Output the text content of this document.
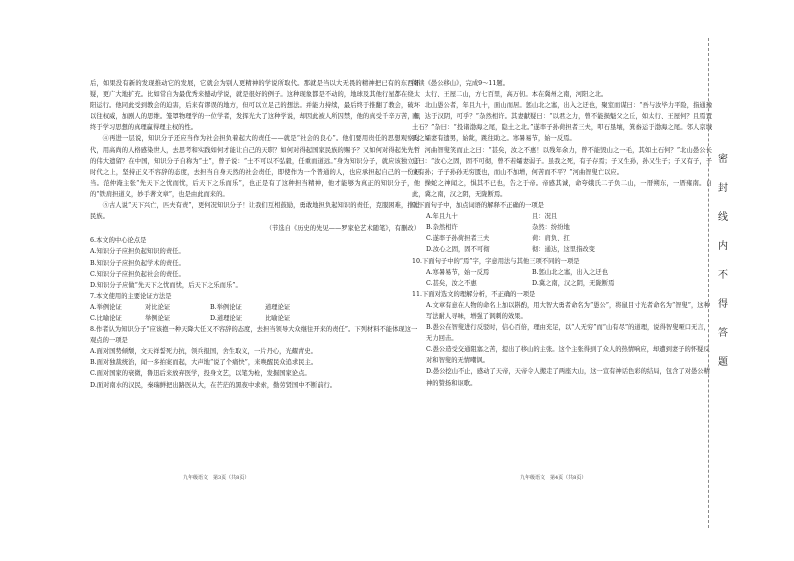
后，如果没有新的发现推动它的发展，它就会为别人更精神的学说所取代。那就是当以大无畏的精神把已有的东西怀疑，更广大地扩充。比如常自为最优秀来撼动学说，就是很好的例子。这种现象都是不动的，地球及其他行星都在绕太阳运行。他同此受到教会的迫害，后来有谬误的地方，但可以立足己的想法。并能力持续，最后终于推翻了教会，破坏以往权威，加剧人的思维。笼罩物理学的一位学者，发挥光大了这种学说，却因此被人所囚禁，他的真受千辛万苦，但终于学习思想的真理赢得理主权的性。

④再进一层说，知识分子还应当作为社会担负着起大的责任——就是“社会的良心”。他们要用贵任的思想观察时代，用高尚的人格感染世人，去思考和实践如何才能让自己的天职？如何对得起国家民族的赐予？又如何对得起先先哲的伟大遗留？在中国，知识分子自称为“士”，曾子说：“士不可以不弘毅，任重而道远。”身为知识分子，就应该独立于时代之上，坚持正义不容辞的态度，去担当自身天然的社会责任，即使作为一个普通的人，也应承担起自己的一份担当。范仲淹主张“先天下之忧而忧，后天下之乐而乐”，也正是有了这种担当精神，他才能够为真正的知识分子，他的“铁肩担道义，妙手著文章”，也是由此而来的。

⑤古人说“天下兴亡，匹夫有责”，更何况知识分子！让我们互相鼓励，勇敢地担负起知识的责任，克服困难，推进民族。

（节选自《历史的先见——罗家伦艺术随笔》，有删改）

6.本文的中心论点是

A.知识分子应担负起知识的责任。

B.知识分子应担负起学术的责任。

C.知识分子应担负起社会的责任。

D.知识分子应做“先天下之忧而忧，后天下之乐而乐”。

7.本文使用的主要论证方法是

A.举例论证	对比论证	B.举例论证	道理论证
C.比喻论证	举例论证	D.道理论证	比喻论证

8.作者认为知识分子“应该抱一种天降大任又不容辞的态度，去担当领导大众继往开来的责任”。下列材料不能体现这一观点的一项是

A.面对国势倾颓，文天祥誓死力抗，领兵报国，舍生取义，一片丹心，光耀青史。

B.面对独裁统治，闻一多拍案而起，大声地“说了个痛快”，来唤醒民众追求民主。

C.面对国家的衰微，鲁迅后来放弃医学，投身文艺，以笔为枪，发掘国家论点。

D.面对南水的汉民，秦瑞鲜把出路医从大，在芒茫的黑夜中求索，勤劳贤国中不断前行。

九年级语文　第3页（共8页）

阅读《愚公移山》，完成9～11题。

太行、王屋二山，方七百里，高万仞。本在冀州之南，河阳之北。

北山愚公者，年且九十，面山而居。惩山北之塞，出入之迂也，聚室而谋曰：“吾与汝毕力平险，指通豫南，达于汉阴，可乎？”杂然相许。其妻献疑曰：“以君之力，曾不能损魁父之丘，如太行、王屋何？且焉置土石？”杂曰：“投诸渤海之尾，隐土之北。”遂率子孙荷担者三夫，叩石垦壤，箕畚运于渤海之尾。邻人京城氏之孀妻有遗男，始龀，跳往助之。寒暑易节，始一反焉。

河曲智叟笑而止之曰：“甚矣，汝之不惠！以残年余力，曾不能毁山之一毛，其如土石何？”北山愚公长息曰：“汝心之固，固不可彻，曾不若孀妻弱子。虽我之死，有子存焉；子又生孙，孙又生子；子又有子，子又有孙；子子孙孙无穷匮也，而山不加增，何苦而不平？”河曲智叟亡以应。

操蛇之神闻之，惧其不已也，告之于帝。帝感其诚，命夸娥氏二子负二山，一厝朔东，一厝雍南。自此，冀之南，汉之阴，无陇断焉。

9.下面句子中，加点词语的解释不正确的一项是

A.年且九十	且：况且
B.杂然相许	杂然：纷纷地
C.遂率子孙荷担者三夫	荷：肩负、扛
D.汝心之固，固不可彻	彻：通达，这里指改变

10.下面句子中的“焉”字，字意用法与其他三项不同的一项是

A.寒暑易节，始一反焉	B.惩山北之塞，出入之迂也
C.甚矣，汝之不惠	D.冀之南，汉之阴，无陇断焉

11.下面对选文的理解分析，不正确的一项是

A.文章有意在人物的命名上加以斟酌，用大智大勇者命名为“愚公”，将鼠目寸光者命名为“智叟”，这种写法耐人寻味，增强了讽刺的效果。

B.愚公在智叟进行反驳时，信心百倍，理由充足，以“人无穷”而“山有尽”的道理，说得智叟哑口无言，无力回击。

C.愚公造受交通阻塞之苦，提出了移山的主张。这个主张得到了众人的热情响应，却遭到妻子的怀疑反对和智叟的无情嘲讽。

D.愚公挖山不止，感动了天帝，天帝令人搬走了两座大山，这一宣有神话色彩的结局，包含了对愚公精神的赞扬和讴歌。

九年级语文　第4页（共8页）
密
封
线
内
不
得
答
题
